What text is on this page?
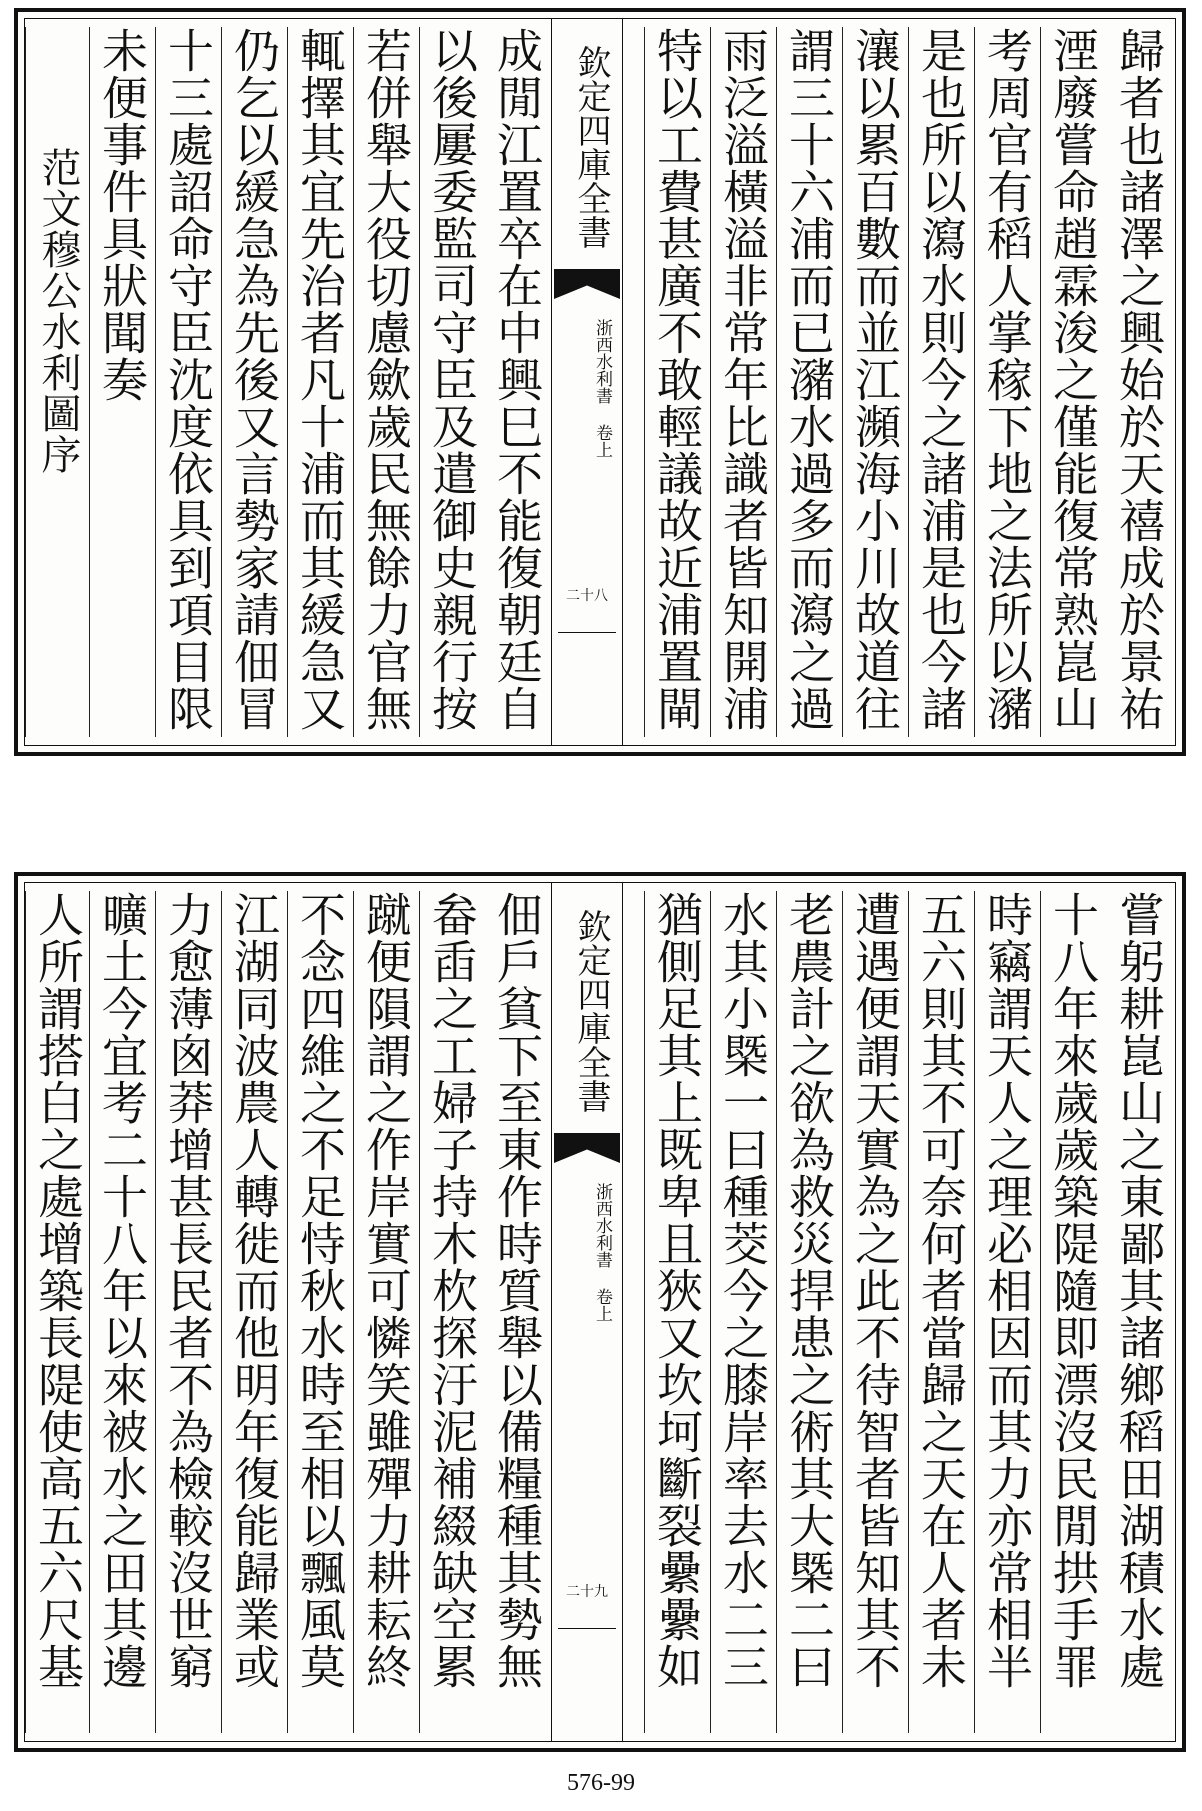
歸者也諸澤之興始於天禧成於景祐
湮廢嘗命趙霖浚之僅能復常熟崑山
考周官有稻人掌稼下地之法所以瀦
是也所以瀉水則今之諸浦是也今諸
瀼以累百數而並江瀕海小川故道往
謂三十六浦而已瀦水過多而瀉之過
雨泛溢橫溢非常年比識者皆知開浦
特以工費甚廣不敢輕議故近浦置閘
欽定四庫全書
浙西水利書 卷上
二十八
成閒江置卒在中興巳不能復朝廷自
以後屢委監司守臣及遣御史親行按
若併舉大役切慮歛歲民無餘力官無
輒擇其宜先治者凡十浦而其緩急又
仍乞以緩急為先後又言勢家請佃冒
十三處詔命守臣沈度依具到項目限
未便事件具狀聞奏
范文穆公水利圖序
嘗躬耕崑山之東鄙其諸鄉稻田湖積水處
十八年來歲歲築隄隨即漂沒民閒拱手罪
時竊謂天人之理必相因而其力亦常相半
五六則其不可奈何者當歸之天在人者未
遭遇便謂天實為之此不待智者皆知其不
老農計之欲為救災捍患之術其大槩二曰
水其小槩一曰種茭今之膝岸率去水二三
猶側足其上既卑且狹又坎坷斷裂纍纍如
欽定四庫全書
浙西水利書 卷上
二十九
佃戶貧下至東作時質舉以備糧種其勢無
畚臿之工婦子持木杴探汙泥補綴缺空累
蹴便隕謂之作岸實可憐笑雖殫力耕耘終
不念四維之不足恃秋水時至相以飄風莫
江湖同波農人轉徙而他明年復能歸業或
力愈薄囪莽增甚長民者不為檢較沒世窮
曠土今宜考二十八年以來被水之田其邊
人所謂搭白之處增築長隄使高五六尺基
576-99
